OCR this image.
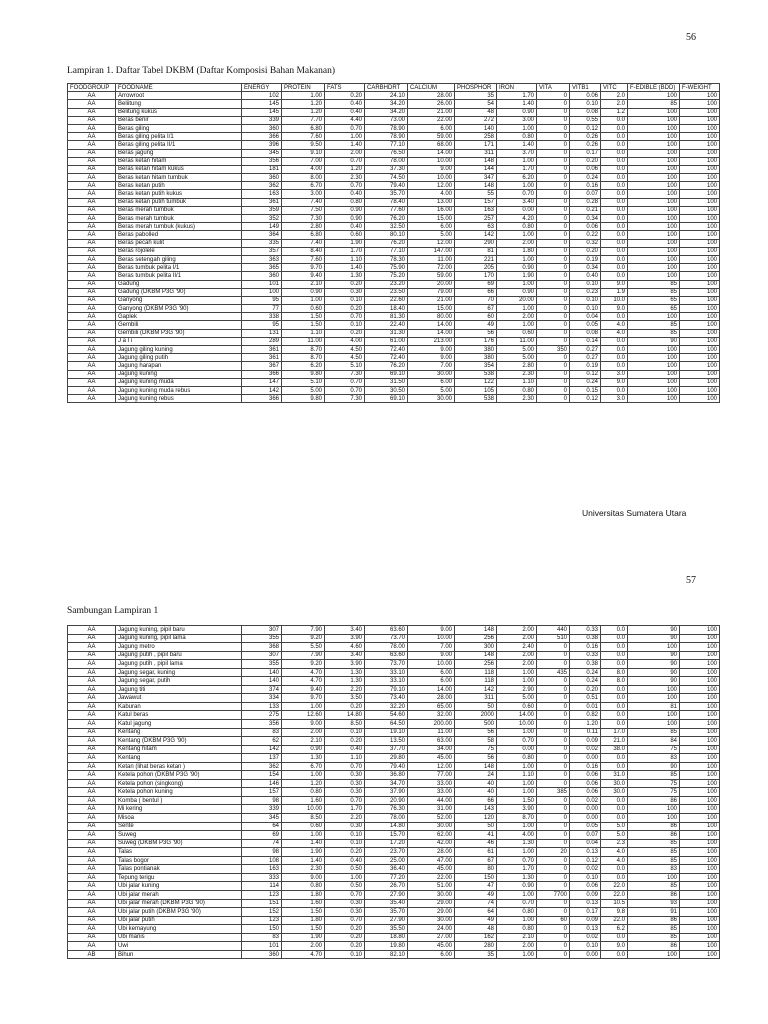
56
Lampiran 1. Daftar Tabel DKBM (Daftar Komposisi Bahan Makanan)
FOODGROUP	FOODNAME	ENERGY	PROTEIN	FATS	CARBHDRT	CALCIUM	PHOSPHOR	IRON	VITA	VITB1	VITC	F-EDIBLE (BDD)	F-WEIGHT
AA	Arrowroot	102	1.00	0.20	24.10	28.00	35	1.70	0	0.06	2.0	100	100
AA	Beliitung	145	1.20	0.40	34.20	26.00	54	1.40	0	0.10	2.0	85	100
AA	Belitung kukus	145	1.20	0.40	34.20	21.00	48	0.90	0	0.08	1.2	100	100
AA	Beras benir	339	7.70	4.40	73.00	22.00	272	3.00	0	0.55	0.0	100	100
AA	Beras giling	360	6.80	0.70	78.90	6.00	140	1.00	0	0.12	0.0	100	100
AA	Beras giling pelita I/1	366	7.60	1.00	78.90	59.00	258	0.80	0	0.26	0.0	100	100
AA	Beras giling pelita II/1	396	9.50	1.40	77.10	68.00	171	1.40	0	0.26	0.0	100	100
AA	Beras jagung	345	9.10	2.00	76.50	14.00	311	3.70	0	0.17	0.0	100	100
AA	Beras ketan hitam	356	7.00	0.70	78.00	10.00	148	1.00	0	0.20	0.0	100	100
AA	Beras ketan hitam kukus	181	4.00	1.20	37.30	9.00	144	1.70	0	0.06	0.0	100	100
AA	Beras ketan hitam tumbuk	360	8.00	2.30	74.50	10.00	347	6.20	0	0.24	0.0	100	100
AA	Beras ketan putih	362	6.70	0.70	79.40	12.00	148	1.00	0	0.16	0.0	100	100
AA	Beras ketan putih kukus	163	3.00	0.40	35.70	4.00	55	0.70	0	0.07	0.0	100	100
AA	Beras ketan putih tumbuk	361	7.40	0.80	78.40	13.00	157	3.40	0	0.28	0.0	100	100
AA	Beras merah tumbuk	359	7.50	0.90	77.60	16.00	163	0.00	0	0.21	0.0	100	100
AA	Beras merah tumbuk	352	7.30	0.90	76.20	15.00	257	4.20	0	0.34	0.0	100	100
AA	Beras merah tumbuk (kukus)	149	2.80	0.40	32.50	6.00	63	0.80	0	0.06	0.0	100	100
AA	Beras pabolled	364	6.80	0.60	80.10	5.00	142	1.00	0	0.22	0.0	100	100
AA	Beras pecah kulit	335	7.40	1.90	76.20	12.00	290	2.00	0	0.32	0.0	100	100
AA	Beras rojolele	357	8.40	1.70	77.10	147.00	81	1.80	0	0.20	0.0	100	100
AA	Beras setengah giling	363	7.60	1.10	78.30	11.00	221	1.00	0	0.19	0.0	100	100
AA	Beras tumbuk pelita I/1	365	9.70	1.40	75.90	72.00	205	0.90	0	0.34	0.0	100	100
AA	Beras tumbuk pelita II/1	360	9.40	1.30	75.20	59.00	170	1.90	0	0.40	0.0	100	100
AA	Gadung	101	2.10	0.20	23.20	20.00	69	1.00	0	0.10	9.0	85	100
AA	Gadung (DKBM P3G '90)	100	0.90	0.30	23.50	79.00	66	0.90	0	0.23	1.9	85	100
AA	Ganyong	95	1.00	0.10	22.60	21.00	70	20.00	0	0.10	10.0	65	100
AA	Ganyong (DKBM P3G '90)	77	0.60	0.20	18.40	15.00	67	1.00	0	0.10	9.0	65	100
AA	Gaplek	338	1.50	0.70	81.30	80.00	60	2.00	0	0.04	0.0	100	100
AA	Gembili	95	1.50	0.10	22.40	14.00	49	1.00	0	0.05	4.0	85	100
AA	Gembili (DKBM P3G '90)	131	1.10	0.20	31.30	14.00	56	0.60	0	0.08	4.0	85	100
AA	J a l i	289	11.00	4.00	61.00	213.00	176	11.00	0	0.14	0.0	90	100
AA	Jagung giling kuning	361	8.70	4.50	72.40	9.00	380	5.00	350	0.27	0.0	100	100
AA	Jagung giling putih	361	8.70	4.50	72.40	9.00	380	5.00	0	0.27	0.0	100	100
AA	Jagung harapan	367	6.20	5.10	76.20	7.00	354	2.80	0	0.19	0.0	100	100
AA	Jagung kuning	366	9.80	7.30	69.10	30.00	538	2.30	0	0.12	3.0	100	100
AA	Jagung kuning muda	147	5.10	0.70	31.50	6.00	122	1.10	0	0.24	9.0	100	100
AA	Jagung kuning muda rebus	142	5.00	0.70	30.50	5.00	105	0.80	0	0.15	0.0	100	100
AA	Jagung kuning rebus	366	9.80	7.30	69.10	30.00	538	2.30	0	0.12	3.0	100	100
Universitas Sumatera Utara
57
Sambungan Lampiran 1
AA	Jagung kuning, pipil baru	307	7.90	3.40	63.60	9.00	148	2.00	440	0.33	0.0	90	100
AA	Jagung kuning, pipil lama	355	9.20	3.90	73.70	10.00	256	2.00	510	0.38	0.0	90	100
AA	Jagung metro	368	5.50	4.60	78.00	7.00	300	2.40	0	0.16	0.0	100	100
AA	Jagung putih , pipil baru	307	7.90	3.40	63.60	9.00	148	2.00	0	0.33	0.0	90	100
AA	Jagung putih , pipil lama	355	9.20	3.90	73.70	10.00	256	2.00	0	0.38	0.0	90	100
AA	Jagung segar, kuning	140	4.70	1.30	33.10	6.00	118	1.00	435	0.24	8.0	90	100
AA	Jagung segar, putih	140	4.70	1.30	33.10	6.00	118	1.00	0	0.24	8.0	90	100
AA	Jagung titi	374	9.40	2.20	79.10	14.00	142	2.90	0	0.20	0.0	100	100
AA	Jawawut	334	9.70	3.50	73.40	28.00	311	5.00	0	0.51	0.0	100	100
AA	Kaburan	133	1.00	0.20	32.20	65.00	50	0.60	0	0.01	0.0	81	100
AA	Katul beras	275	12.60	14.80	54.60	32.00	2000	14.00	0	0.82	0.0	100	100
AA	Katul jagung	356	9.00	8.50	64.50	200.00	500	10.00	0	1.20	0.0	100	100
AA	Kentang	83	2.00	0.10	19.10	11.00	56	1.00	0	0.11	17.0	85	100
AA	Kentang (DKBM P3G '90)	62	2.10	0.20	13.50	63.00	58	0.70	0	0.09	21.0	84	100
AA	Kentang hitam	142	0.90	0.40	37.70	34.00	75	0.00	0	0.02	38.0	75	100
AA	Kentang	137	1.30	1.10	29.80	45.00	56	0.80	0	0.00	0.0	83	100
AA	Ketan (lihat beras ketan )	362	6.70	0.70	79.40	12.00	148	1.00	0	0.16	0.0	90	100
AA	Ketela pohon (DKBM P3G '90)	154	1.00	0.30	36.80	77.00	24	1.10	0	0.06	31.0	85	100
AA	Ketela pohon (singkong)	146	1.20	0.30	34.70	33.00	40	1.00	0	0.06	30.0	75	100
AA	Ketela pohon kuning	157	0.80	0.30	37.90	33.00	40	1.00	385	0.06	30.0	75	100
AA	Komba ( bentul )	98	1.60	0.70	20.90	44.00	66	1.50	0	0.02	0.0	86	100
AA	Mi kering	339	10.00	1.70	76.30	31.00	143	3.90	0	0.00	0.0	100	100
AA	Misoa	345	8.50	2.20	78.00	52.00	120	8.70	0	0.00	0.0	100	100
AA	Sente	64	0.60	0.30	14.80	30.00	50	1.00	0	0.05	5.0	86	100
AA	Suweg	69	1.00	0.10	15.70	62.00	41	4.00	0	0.07	5.0	86	100
AA	Suweg (DKBM P3G '90)	74	1.40	0.10	17.20	42.00	46	1.30	0	0.04	2.3	85	100
AA	Talas	98	1.90	0.20	23.70	28.00	61	1.00	20	0.13	4.0	85	100
AA	Talas bogor	108	1.40	0.40	25.00	47.00	67	0.70	0	0.12	4.0	85	100
AA	Talas pontianak	163	2.30	0.50	36.40	45.00	80	1.70	0	0.02	0.0	83	100
AA	Tepung terigu	333	9.00	1.00	77.20	22.00	150	1.30	0	0.10	0.0	100	100
AA	Ubi jalar kuning	114	0.80	0.50	26.70	51.00	47	0.90	0	0.06	22.0	85	100
AA	Ubi jalar merah	123	1.80	0.70	27.90	30.00	49	1.00	7700	0.09	22.0	86	100
AA	Ubi jalar merah (DKBM P3G '90)	151	1.60	0.30	35.40	29.00	74	0.70	0	0.13	10.5	93	100
AA	Ubi jalar putih (DKBM P3G '90)	152	1.50	0.30	35.70	29.00	64	0.80	0	0.17	9.8	91	100
AA	Ubi jalar putih	123	1.80	0.70	27.90	30.00	49	1.00	60	0.09	22.0	86	100
AA	Ubi kemayung	150	1.50	0.20	35.50	24.00	48	0.80	0	0.13	6.2	85	100
AA	Ubi manis	83	1.90	0.20	18.80	27.00	162	2.10	0	0.02	0.0	85	100
AA	Uwi	101	2.00	0.20	19.80	45.00	280	2.00	0	0.10	9.0	86	100
AB	Bihun	360	4.70	0.10	82.10	6.00	35	1.00	0	0.00	0.0	100	100
